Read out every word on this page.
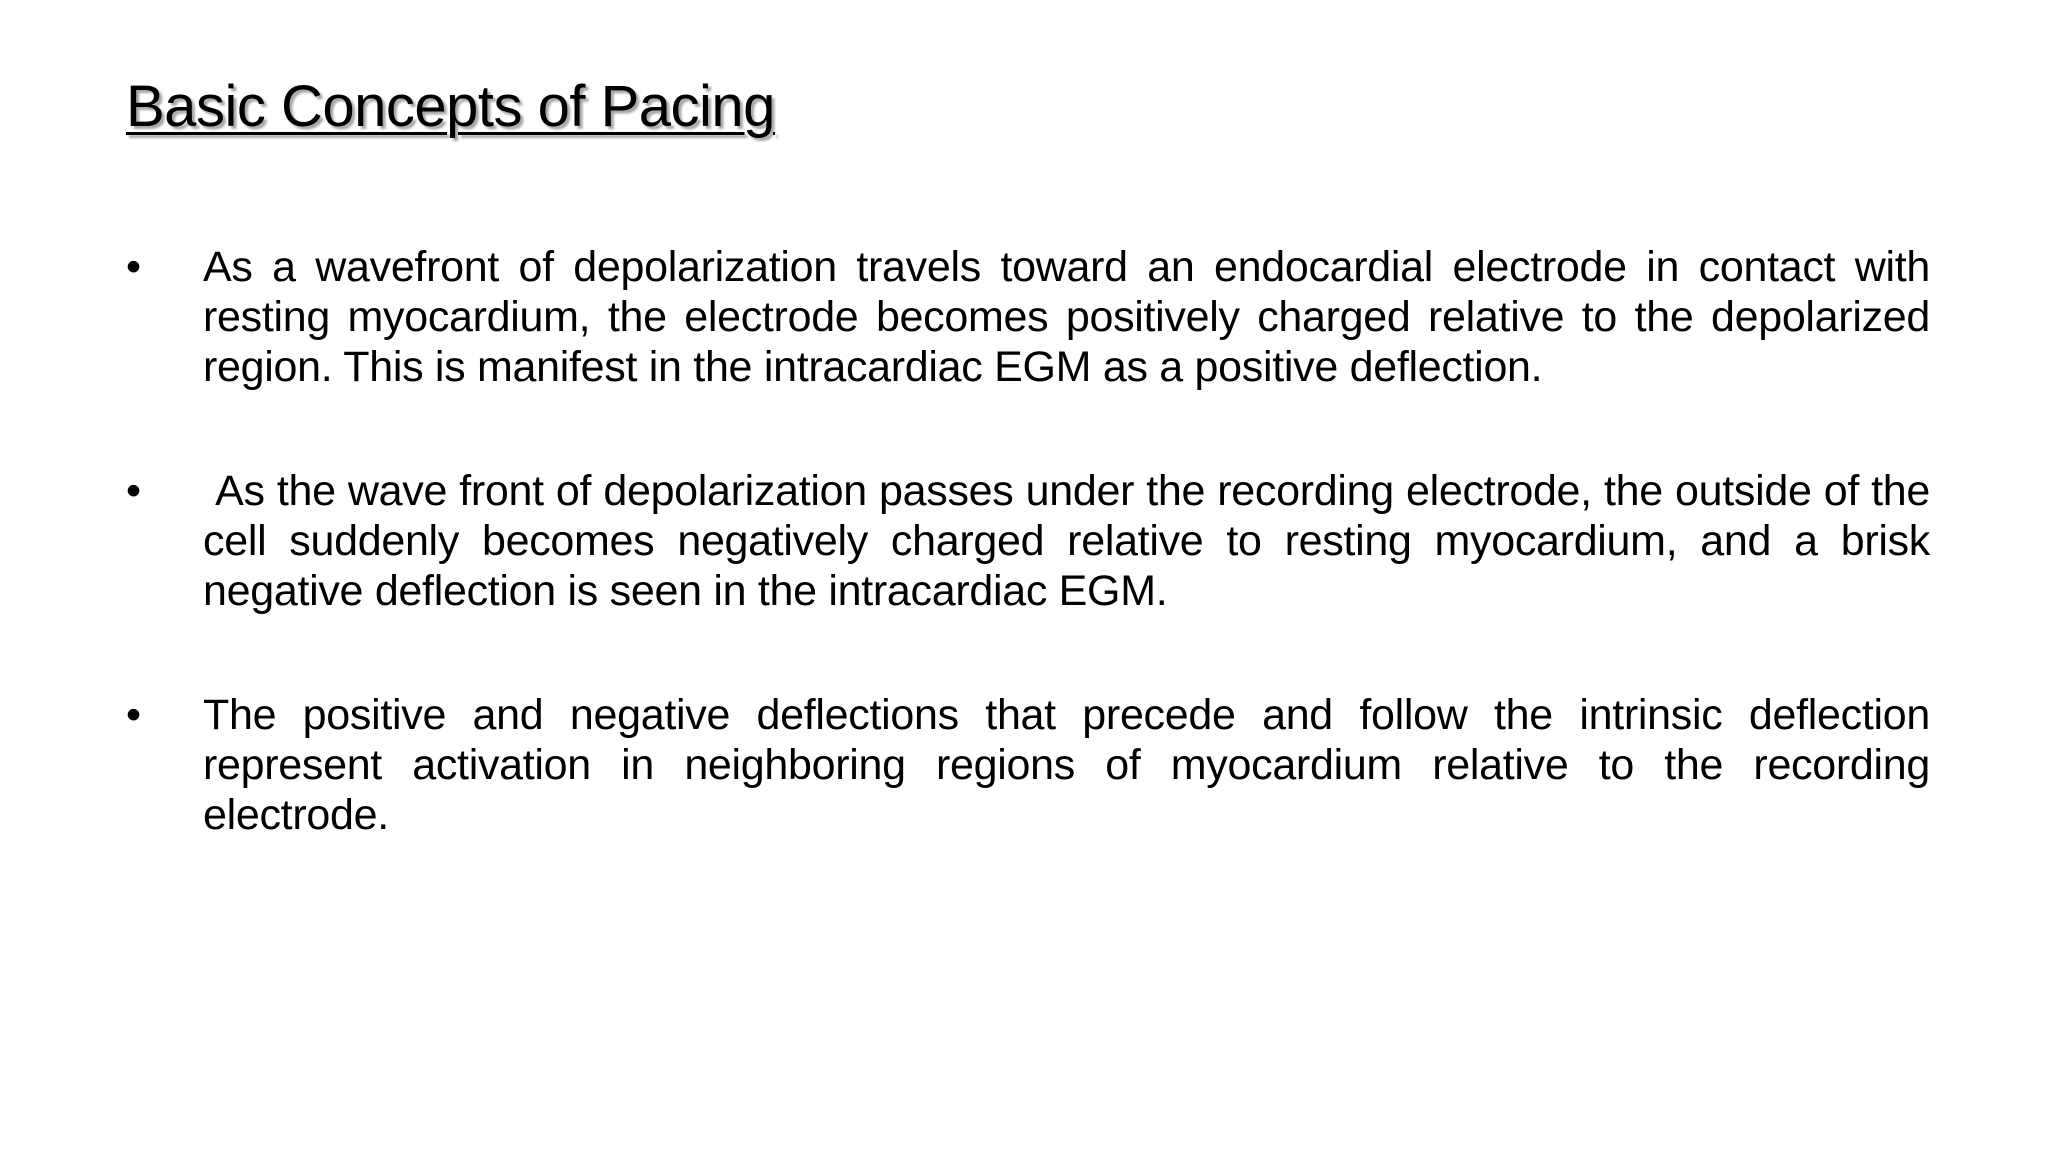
Basic Concepts of Pacing
•	As a wavefront of depolarization travels toward an endocardial electrode in contact with resting myocardium, the electrode becomes positively charged relative to the depolarized region. This is manifest in the intracardiac EGM as a positive deflection.
•	As the wave front of depolarization passes under the recording electrode, the outside of the cell suddenly becomes negatively charged relative to resting myocardium, and a brisk negative deflection is seen in the intracardiac EGM.
•	The positive and negative deflections that precede and follow the intrinsic deflection represent activation in neighboring regions of myocardium relative to the recording electrode.
